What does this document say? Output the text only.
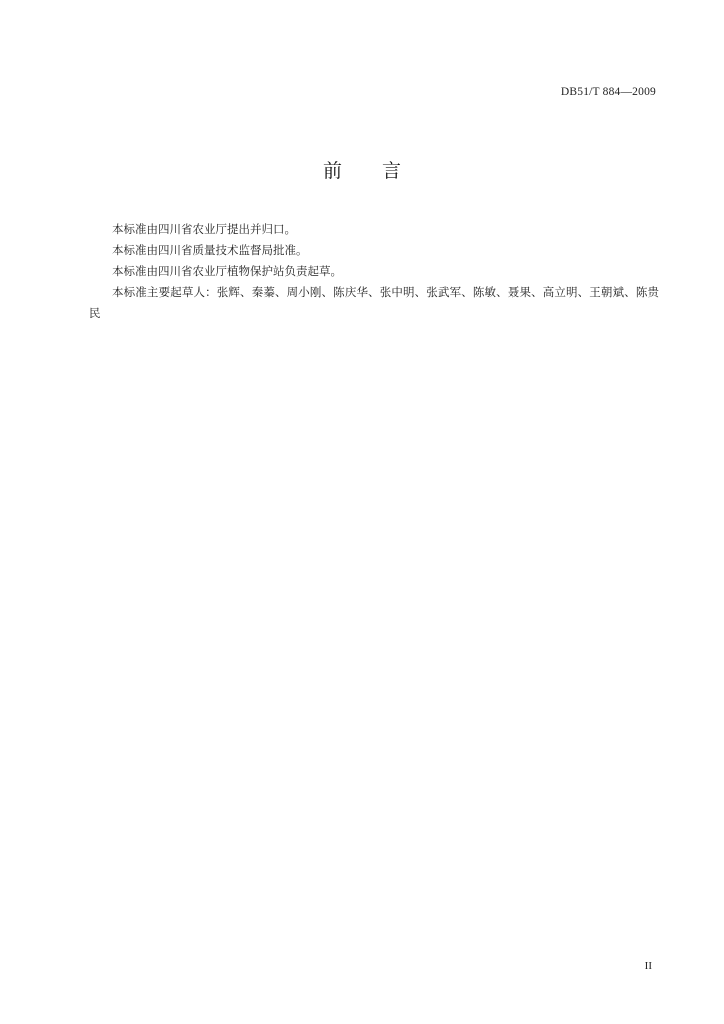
DB51/T 884—2009
前 言

本标准由四川省农业厅提出并归口。

本标准由四川省质量技术监督局批准。

本标准由四川省农业厅植物保护站负责起草。

本标准主要起草人：张辉、秦蓁、周小刚、陈庆华、张中明、张武军、陈敏、聂果、高立明、王朝斌、陈贵民

II
